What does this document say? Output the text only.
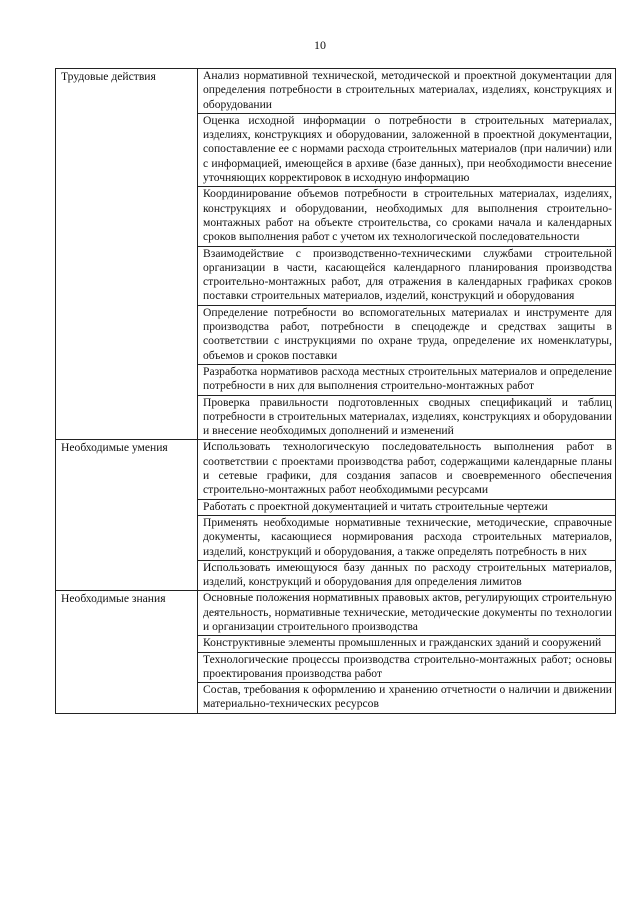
10
Трудовые действия	Анализ нормативной технической, методической и проектной документации для определения потребности в строительных материалах, изделиях, конструкциях и оборудовании
	Оценка исходной информации о потребности в строительных материалах, изделиях, конструкциях и оборудовании, заложенной в проектной документации, сопоставление ее с нормами расхода строительных материалов (при наличии) или с информацией, имеющейся в архиве (базе данных), при необходимости внесение уточняющих корректировок в исходную информацию
	Координирование объемов потребности в строительных материалах, изделиях, конструкциях и оборудовании, необходимых для выполнения строительно-монтажных работ на объекте строительства, со сроками начала и календарных сроков выполнения работ с учетом их технологической последовательности
	Взаимодействие с производственно-техническими службами строительной организации в части, касающейся календарного планирования производства строительно-монтажных работ, для отражения в календарных графиках сроков поставки строительных материалов, изделий, конструкций и оборудования
	Определение потребности во вспомогательных материалах и инструменте для производства работ, потребности в спецодежде и средствах защиты в соответствии с инструкциями по охране труда, определение их номенклатуры, объемов и сроков поставки
	Разработка нормативов расхода местных строительных материалов и определение потребности в них для выполнения строительно-монтажных работ
	Проверка правильности подготовленных сводных спецификаций и таблиц потребности в строительных материалах, изделиях, конструкциях и оборудовании и внесение необходимых дополнений и изменений
Необходимые умения	Использовать технологическую последовательность выполнения работ в соответствии с проектами производства работ, содержащими календарные планы и сетевые графики, для создания запасов и своевременного обеспечения строительно-монтажных работ необходимыми ресурсами
	Работать с проектной документацией и читать строительные чертежи
	Применять необходимые нормативные технические, методические, справочные документы, касающиеся нормирования расхода строительных материалов, изделий, конструкций и оборудования, а также определять потребность в них
	Использовать имеющуюся базу данных по расходу строительных материалов, изделий, конструкций и оборудования для определения лимитов
Необходимые знания	Основные положения нормативных правовых актов, регулирующих строительную деятельность, нормативные технические, методические документы по технологии и организации строительного производства
	Конструктивные элементы промышленных и гражданских зданий и сооружений
	Технологические процессы производства строительно-монтажных работ; основы проектирования производства работ
	Состав, требования к оформлению и хранению отчетности о наличии и движении материально-технических ресурсов
